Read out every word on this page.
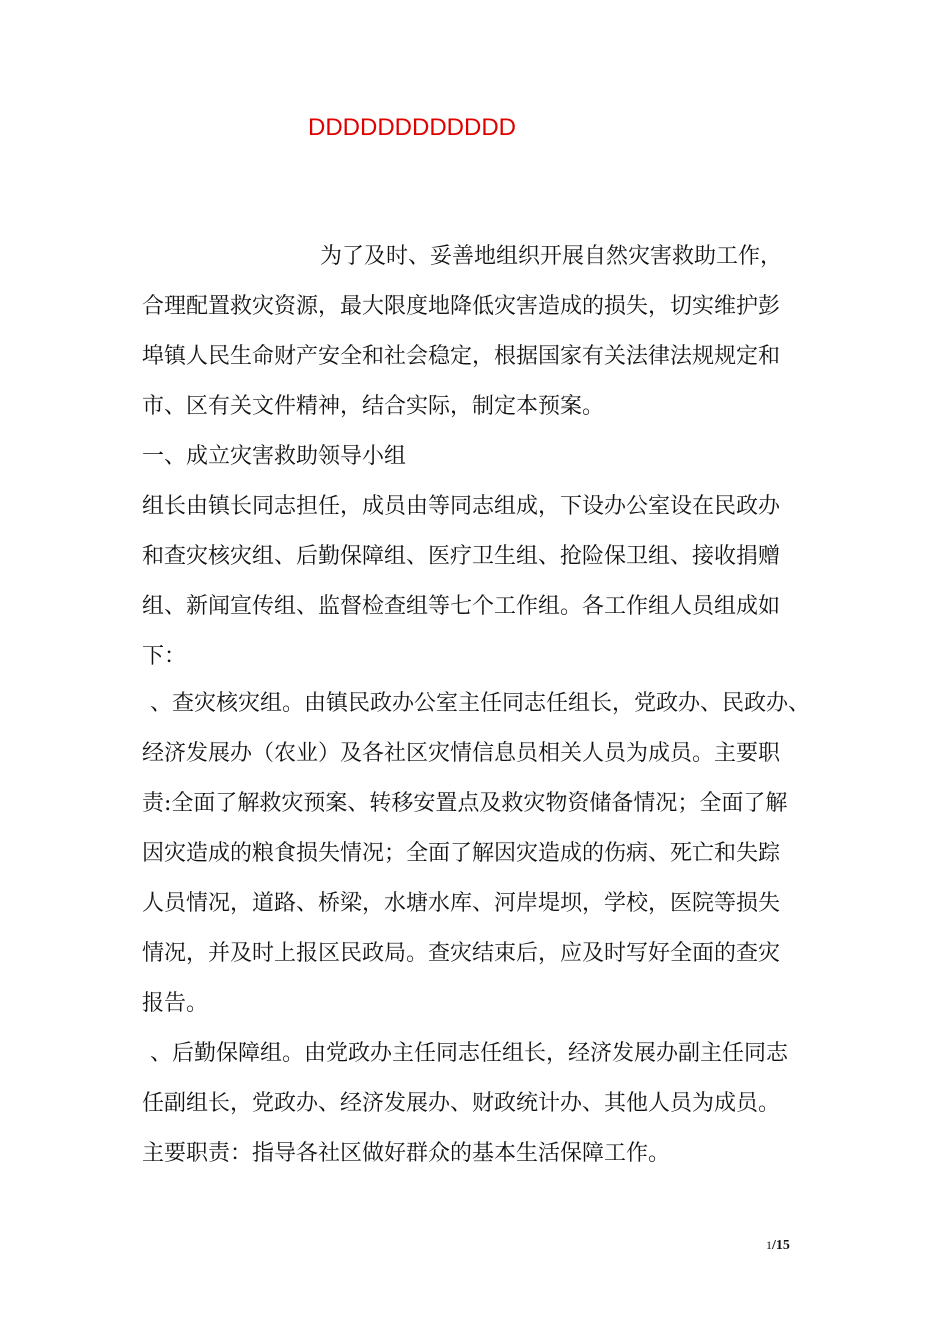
DDDDDDDDDDDD
为了及时、妥善地组织开展自然灾害救助工作，
合理配置救灾资源，最大限度地降低灾害造成的损失，切实维护彭
埠镇人民生命财产安全和社会稳定，根据国家有关法律法规规定和
市、区有关文件精神，结合实际，制定本预案。
一、成立灾害救助领导小组
组长由镇长同志担任，成员由等同志组成，下设办公室设在民政办
和查灾核灾组、后勤保障组、医疗卫生组、抢险保卫组、接收捐赠
组、新闻宣传组、监督检查组等七个工作组。各工作组人员组成如
下：
、查灾核灾组。由镇民政办公室主任同志任组长，党政办、民政办、
经济发展办（农业）及各社区灾情信息员相关人员为成员。主要职
责:全面了解救灾预案、转移安置点及救灾物资储备情况；全面了解
因灾造成的粮食损失情况；全面了解因灾造成的伤病、死亡和失踪
人员情况，道路、桥梁，水塘水库、河岸堤坝，学校，医院等损失
情况，并及时上报区民政局。查灾结束后，应及时写好全面的查灾
报告。
、后勤保障组。由党政办主任同志任组长，经济发展办副主任同志
任副组长，党政办、经济发展办、财政统计办、其他人员为成员。
主要职责：指导各社区做好群众的基本生活保障工作。
1/15
